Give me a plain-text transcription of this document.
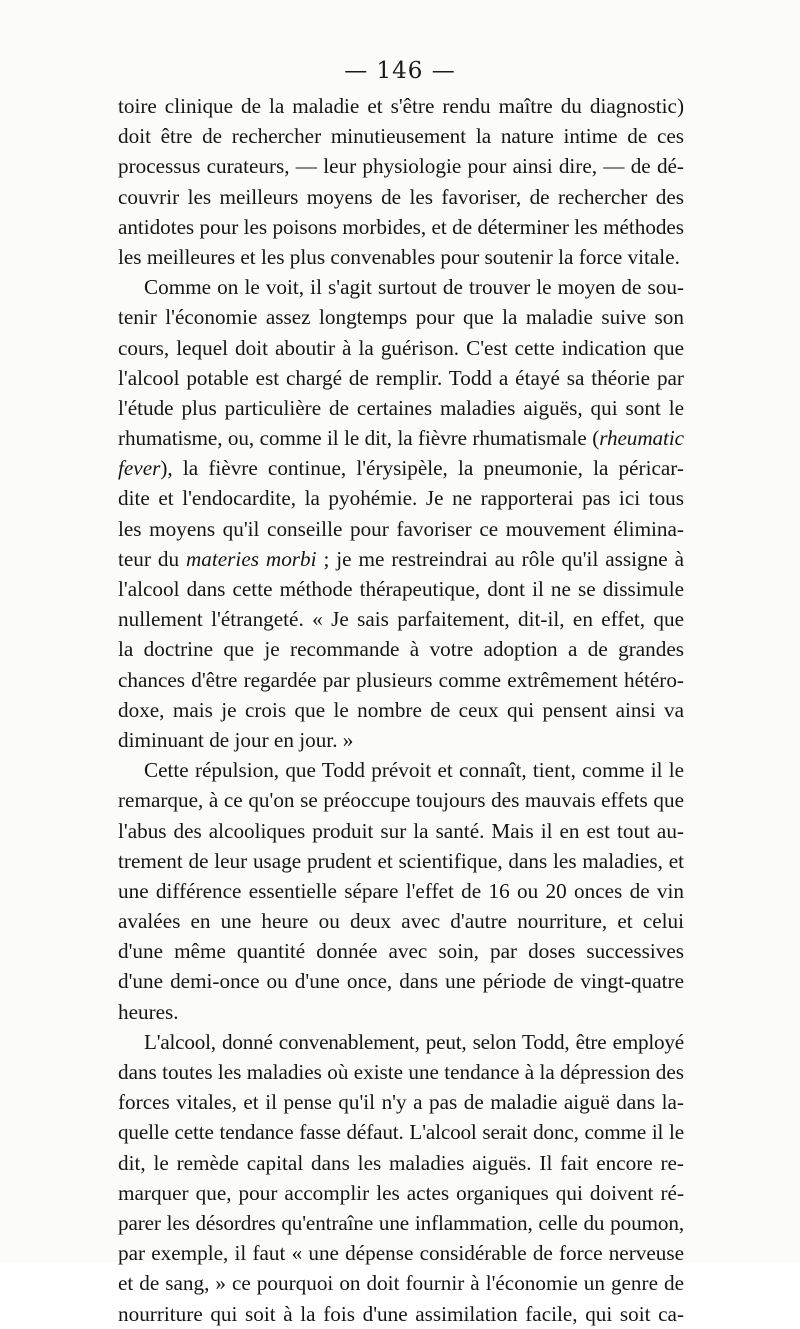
— 146 —
toire clinique de la maladie et s'être rendu maître du diagnostic)
doit être de rechercher minutieusement la nature intime de ces
processus curateurs, — leur physiologie pour ainsi dire, — de dé-
couvrir les meilleurs moyens de les favoriser, de rechercher des
antidotes pour les poisons morbides, et de déterminer les méthodes
les meilleures et les plus convenables pour soutenir la force vitale.
Comme on le voit, il s'agit surtout de trouver le moyen de sou-
tenir l'économie assez longtemps pour que la maladie suive son
cours, lequel doit aboutir à la guérison. C'est cette indication que
l'alcool potable est chargé de remplir. Todd a étayé sa théorie par
l'étude plus particulière de certaines maladies aiguës, qui sont le
rhumatisme, ou, comme il le dit, la fièvre rhumatismale (rheumatic
fever), la fièvre continue, l'érysipèle, la pneumonie, la péricar-
dite et l'endocardite, la pyohémie. Je ne rapporterai pas ici tous
les moyens qu'il conseille pour favoriser ce mouvement élimina-
teur du materies morbi ; je me restreindrai au rôle qu'il assigne à
l'alcool dans cette méthode thérapeutique, dont il ne se dissimule
nullement l'étrangeté. « Je sais parfaitement, dit-il, en effet, que
la doctrine que je recommande à votre adoption a de grandes
chances d'être regardée par plusieurs comme extrêmement hétéro-
doxe, mais je crois que le nombre de ceux qui pensent ainsi va
diminuant de jour en jour. »
Cette répulsion, que Todd prévoit et connaît, tient, comme il le
remarque, à ce qu'on se préoccupe toujours des mauvais effets que
l'abus des alcooliques produit sur la santé. Mais il en est tout au-
trement de leur usage prudent et scientifique, dans les maladies, et
une différence essentielle sépare l'effet de 16 ou 20 onces de vin
avalées en une heure ou deux avec d'autre nourriture, et celui
d'une même quantité donnée avec soin, par doses successives
d'une demi-once ou d'une once, dans une période de vingt-quatre
heures.
L'alcool, donné convenablement, peut, selon Todd, être employé
dans toutes les maladies où existe une tendance à la dépression des
forces vitales, et il pense qu'il n'y a pas de maladie aiguë dans la-
quelle cette tendance fasse défaut. L'alcool serait donc, comme il le
dit, le remède capital dans les maladies aiguës. Il fait encore re-
marquer que, pour accomplir les actes organiques qui doivent ré-
parer les désordres qu'entraîne une inflammation, celle du poumon,
par exemple, il faut « une dépense considérable de force nerveuse
et de sang, » ce pourquoi on doit fournir à l'économie un genre de
nourriture qui soit à la fois d'une assimilation facile, qui soit ca-
